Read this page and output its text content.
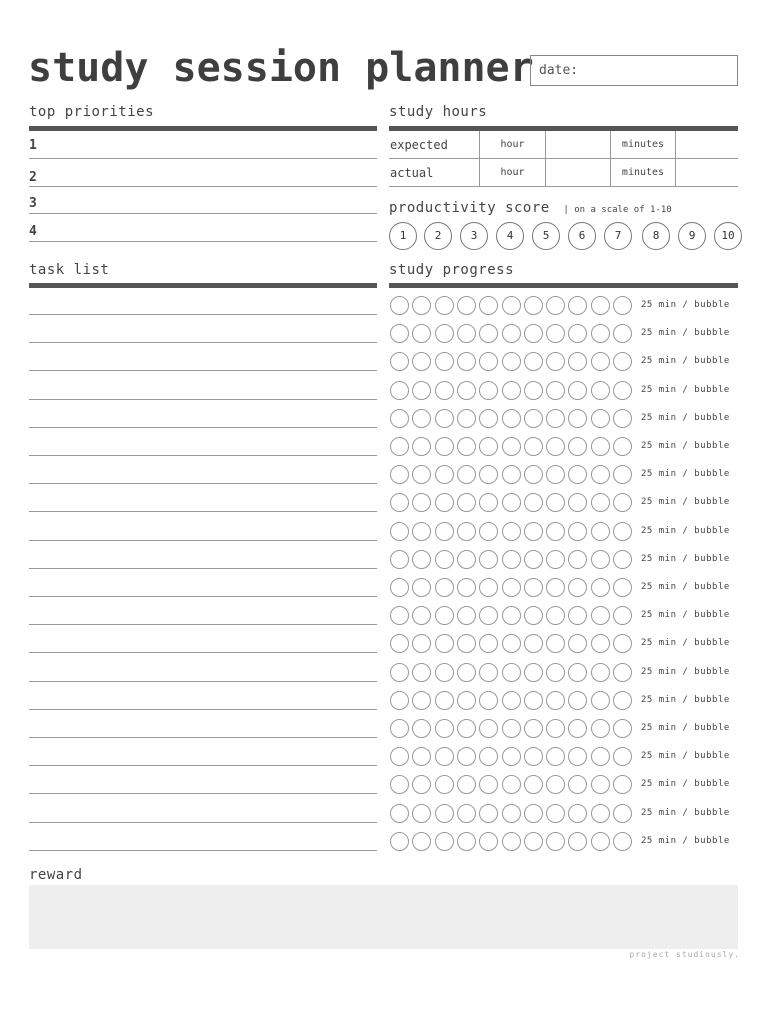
study session planner date:
top priorities
1
2
3
4
study hours
expected	hour		minutes	
actual	hour		minutes	
productivity score | on a scale of 1-10
1	2	3	4	5	6	7	8	9	10
task list	study progress
25 min / bubble
25 min / bubble
25 min / bubble
25 min / bubble
25 min / bubble
25 min / bubble
25 min / bubble
25 min / bubble
25 min / bubble
25 min / bubble
25 min / bubble
25 min / bubble
25 min / bubble
25 min / bubble
25 min / bubble
25 min / bubble
25 min / bubble
25 min / bubble
25 min / bubble
25 min / bubble
reward
project studiously.
